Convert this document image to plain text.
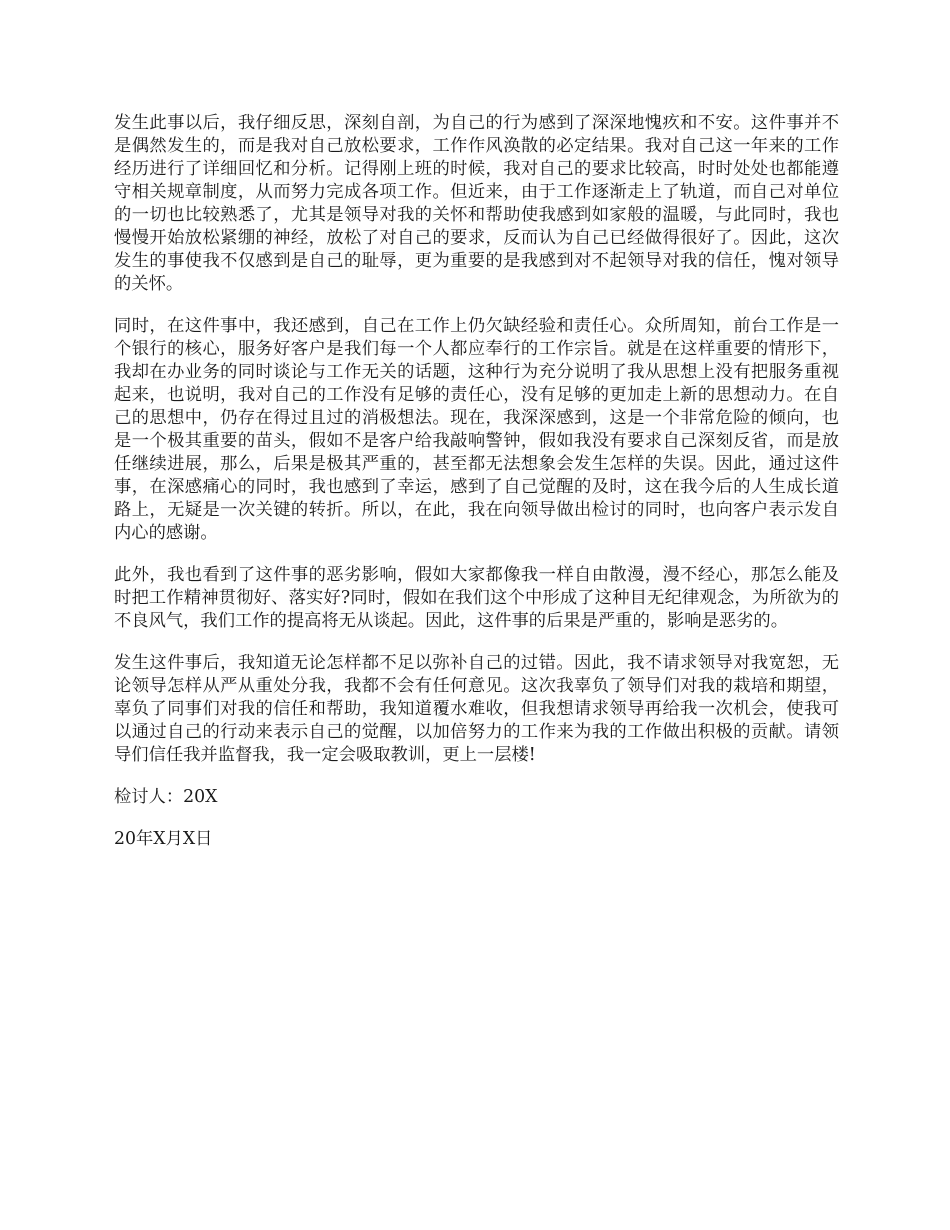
发生此事以后，我仔细反思，深刻自剖，为自己的行为感到了深深地愧疚和不安。这件事并不是偶然发生的，而是我对自己放松要求，工作作风涣散的必定结果。我对自己这一年来的工作经历进行了详细回忆和分析。记得刚上班的时候，我对自己的要求比较高，时时处处也都能遵守相关规章制度，从而努力完成各项工作。但近来，由于工作逐渐走上了轨道，而自己对单位的一切也比较熟悉了，尤其是领导对我的关怀和帮助使我感到如家般的温暖，与此同时，我也慢慢开始放松紧绷的神经，放松了对自己的要求，反而认为自己已经做得很好了。因此，这次发生的事使我不仅感到是自己的耻辱，更为重要的是我感到对不起领导对我的信任，愧对领导的关怀。

同时，在这件事中，我还感到，自己在工作上仍欠缺经验和责任心。众所周知，前台工作是一个银行的核心，服务好客户是我们每一个人都应奉行的工作宗旨。就是在这样重要的情形下，我却在办业务的同时谈论与工作无关的话题，这种行为充分说明了我从思想上没有把服务重视起来，也说明，我对自己的工作没有足够的责任心，没有足够的更加走上新的思想动力。在自己的思想中，仍存在得过且过的消极想法。现在，我深深感到，这是一个非常危险的倾向，也是一个极其重要的苗头，假如不是客户给我敲响警钟，假如我没有要求自己深刻反省，而是放任继续进展，那么，后果是极其严重的，甚至都无法想象会发生怎样的失误。因此，通过这件事，在深感痛心的同时，我也感到了幸运，感到了自己觉醒的及时，这在我今后的人生成长道路上，无疑是一次关键的转折。所以，在此，我在向领导做出检讨的同时，也向客户表示发自内心的感谢。

此外，我也看到了这件事的恶劣影响，假如大家都像我一样自由散漫，漫不经心，那怎么能及时把工作精神贯彻好、落实好?同时，假如在我们这个中形成了这种目无纪律观念，为所欲为的不良风气，我们工作的提高将无从谈起。因此，这件事的后果是严重的，影响是恶劣的。

发生这件事后，我知道无论怎样都不足以弥补自己的过错。因此，我不请求领导对我宽恕，无论领导怎样从严从重处分我，我都不会有任何意见。这次我辜负了领导们对我的栽培和期望，辜负了同事们对我的信任和帮助，我知道覆水难收，但我想请求领导再给我一次机会，使我可以通过自己的行动来表示自己的觉醒，以加倍努力的工作来为我的工作做出积极的贡献。请领导们信任我并监督我，我一定会吸取教训，更上一层楼!

检讨人：20X

20年X月X日
